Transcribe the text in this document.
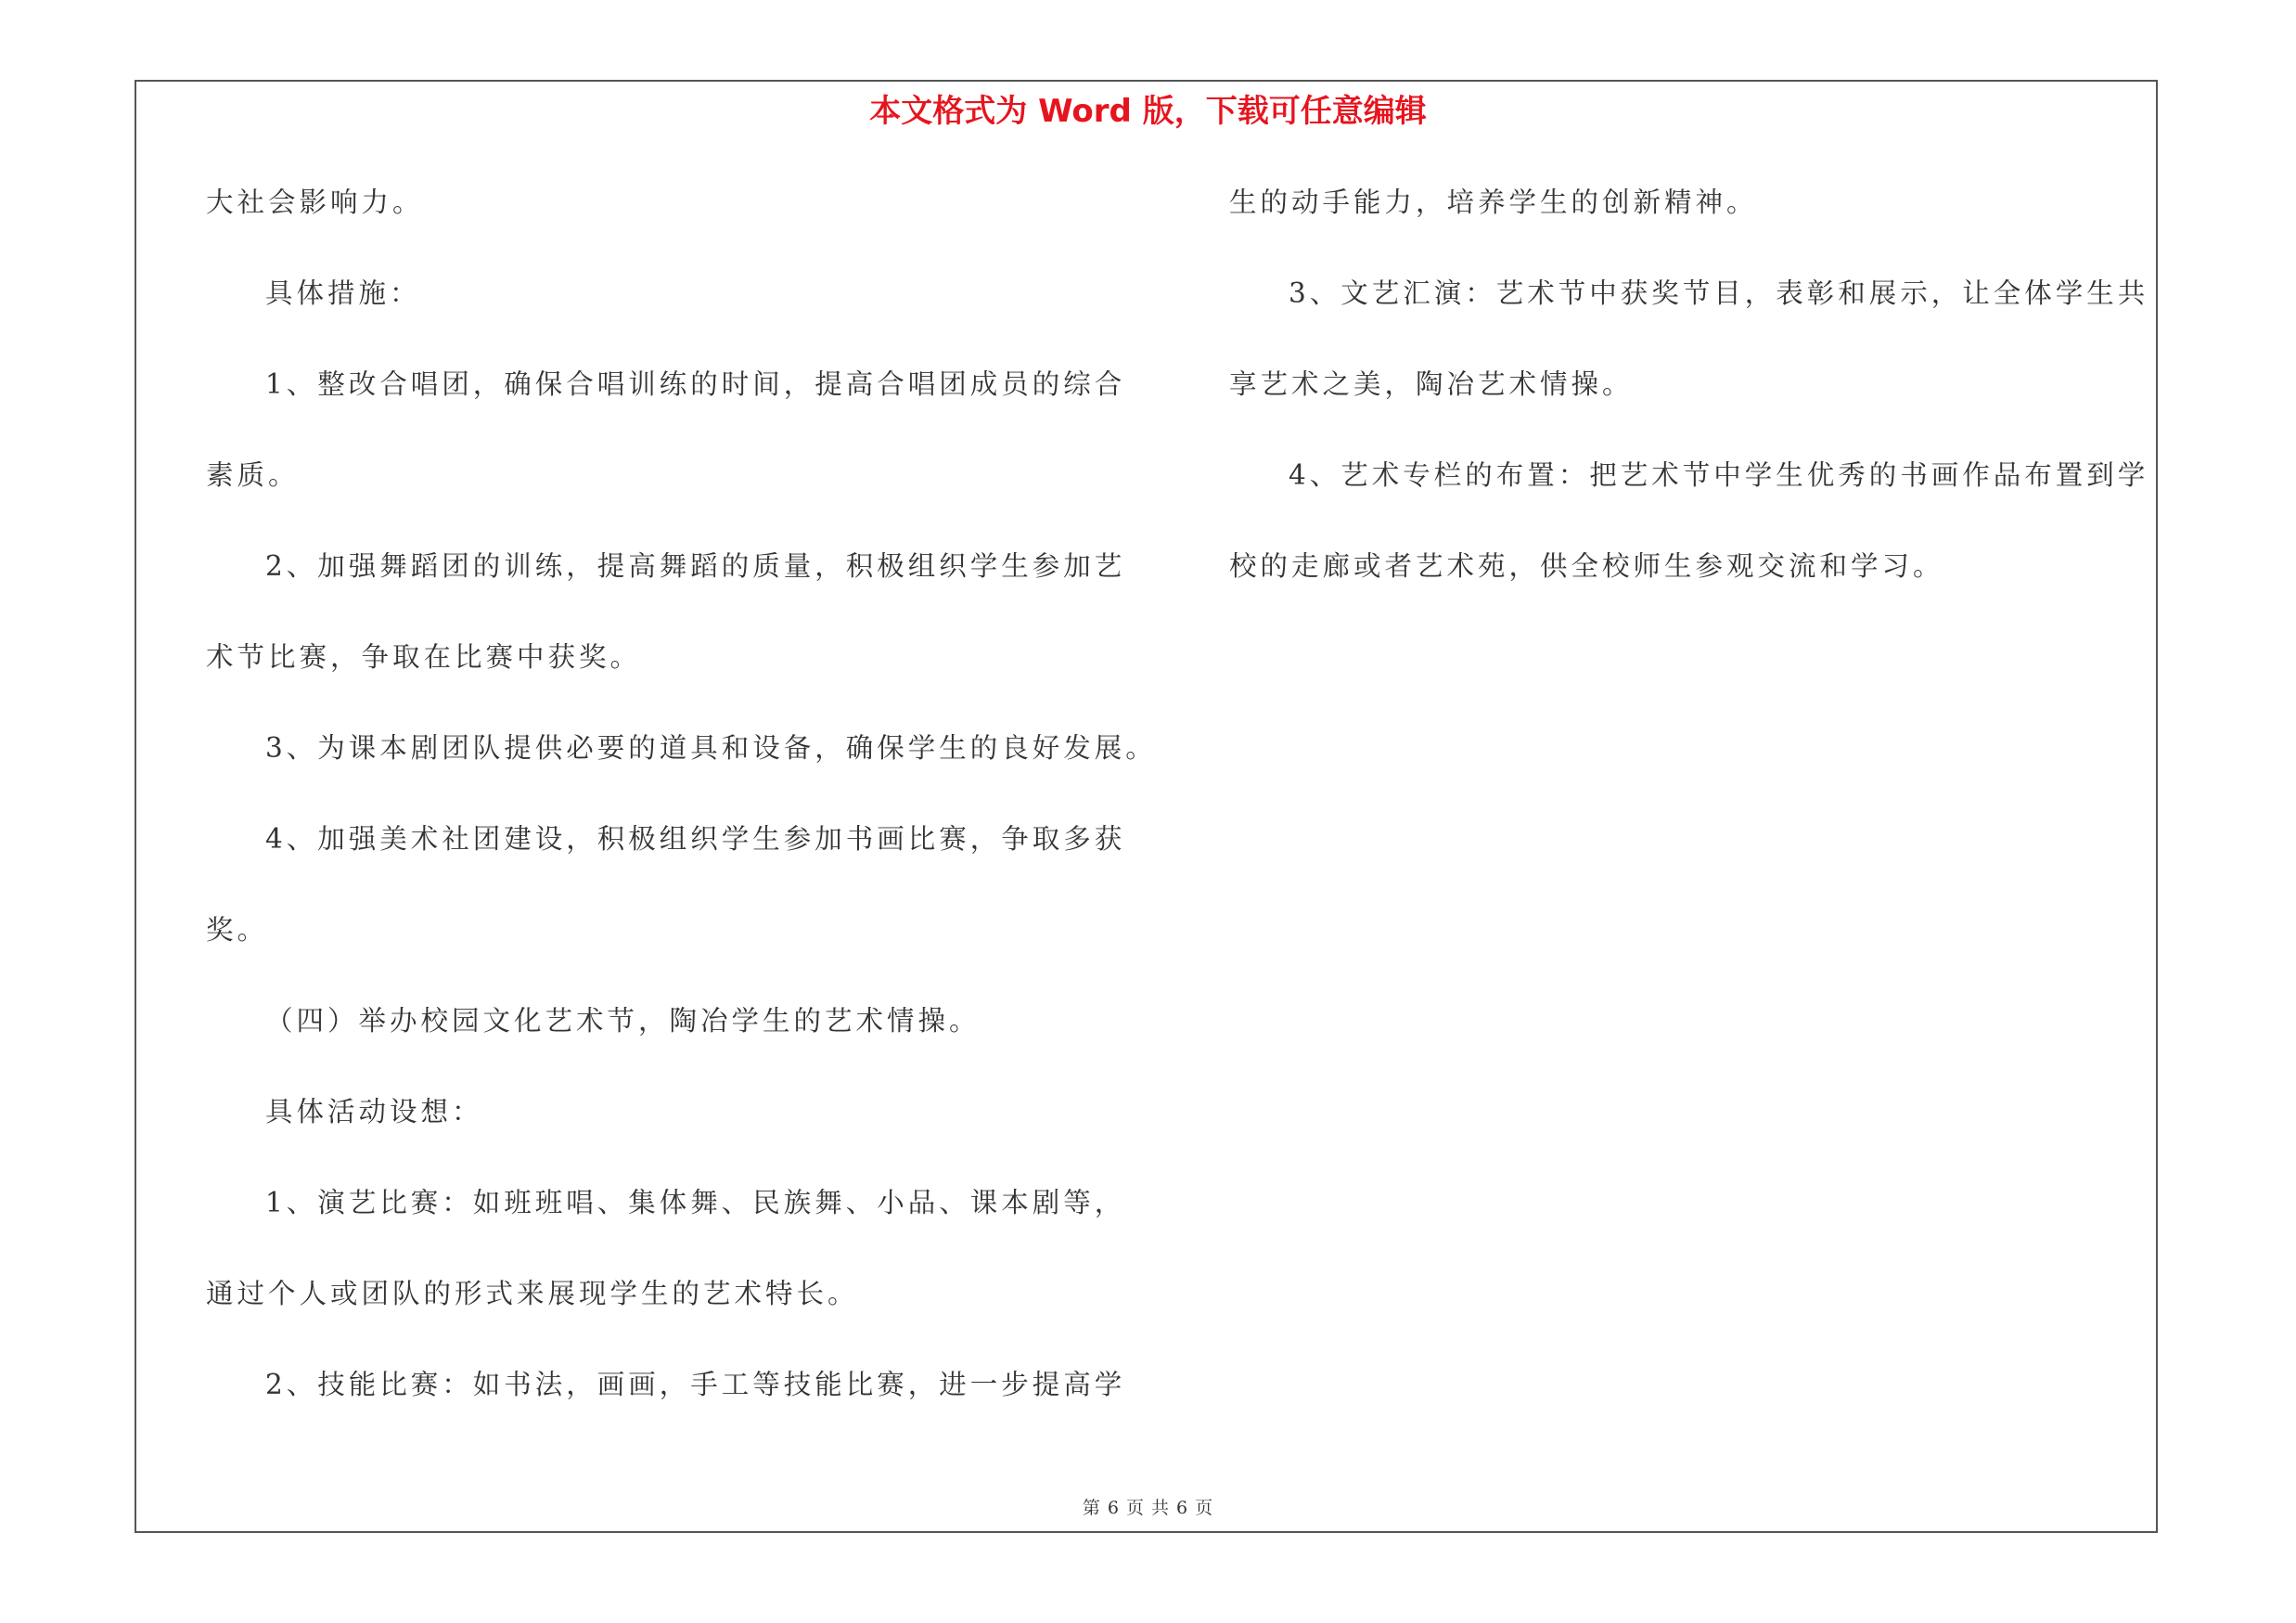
本文格式为 Word 版，下载可任意编辑
大社会影响力。
具体措施：
1、整改合唱团，确保合唱训练的时间，提高合唱团成员的综合
素质。
2、加强舞蹈团的训练，提高舞蹈的质量，积极组织学生参加艺
术节比赛，争取在比赛中获奖。
3、为课本剧团队提供必要的道具和设备，确保学生的良好发展。
4、加强美术社团建设，积极组织学生参加书画比赛，争取多获
奖。
（四）举办校园文化艺术节，陶冶学生的艺术情操。
具体活动设想：
1、演艺比赛：如班班唱、集体舞、民族舞、小品、课本剧等，
通过个人或团队的形式来展现学生的艺术特长。
2、技能比赛：如书法，画画，手工等技能比赛，进一步提高学
生的动手能力，培养学生的创新精神。
3、文艺汇演：艺术节中获奖节目，表彰和展示，让全体学生共
享艺术之美，陶冶艺术情操。
4、艺术专栏的布置：把艺术节中学生优秀的书画作品布置到学
校的走廊或者艺术苑，供全校师生参观交流和学习。
第 6 页 共 6 页
